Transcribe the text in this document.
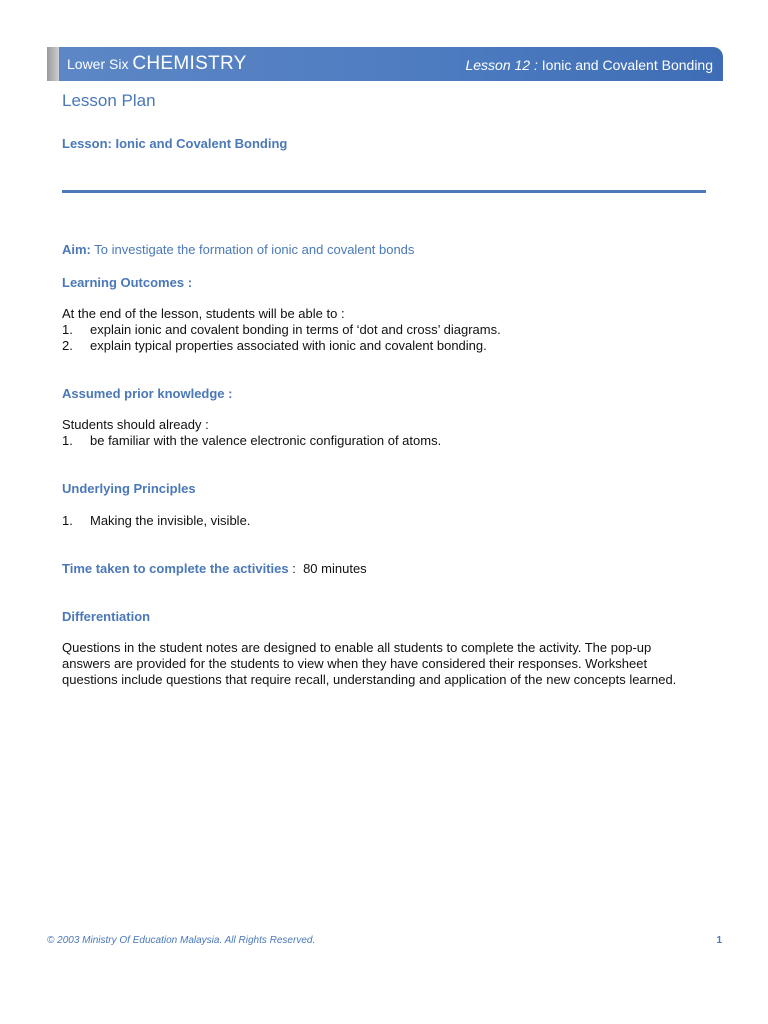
Lower Six CHEMISTRY	Lesson 12 : Ionic and Covalent Bonding
Lesson Plan
Lesson: Ionic and Covalent Bonding
Aim: To investigate the formation of ionic and covalent bonds
Learning Outcomes :
At the end of the lesson, students will be able to :
1.	explain ionic and covalent bonding in terms of ‘dot and cross’ diagrams.
2.	explain typical properties associated with ionic and covalent bonding.
Assumed prior knowledge :
Students should already :
1.	be familiar with the valence electronic configuration of atoms.
Underlying Principles
1.	Making the invisible, visible.
Time taken to complete the activities :  80 minutes
Differentiation
Questions in the student notes are designed to enable all students to complete the activity. The pop-up answers are provided for the students to view when they have considered their responses. Worksheet questions include questions that require recall, understanding and application of the new concepts learned.
© 2003 Ministry Of Education Malaysia. All Rights Reserved.	1
